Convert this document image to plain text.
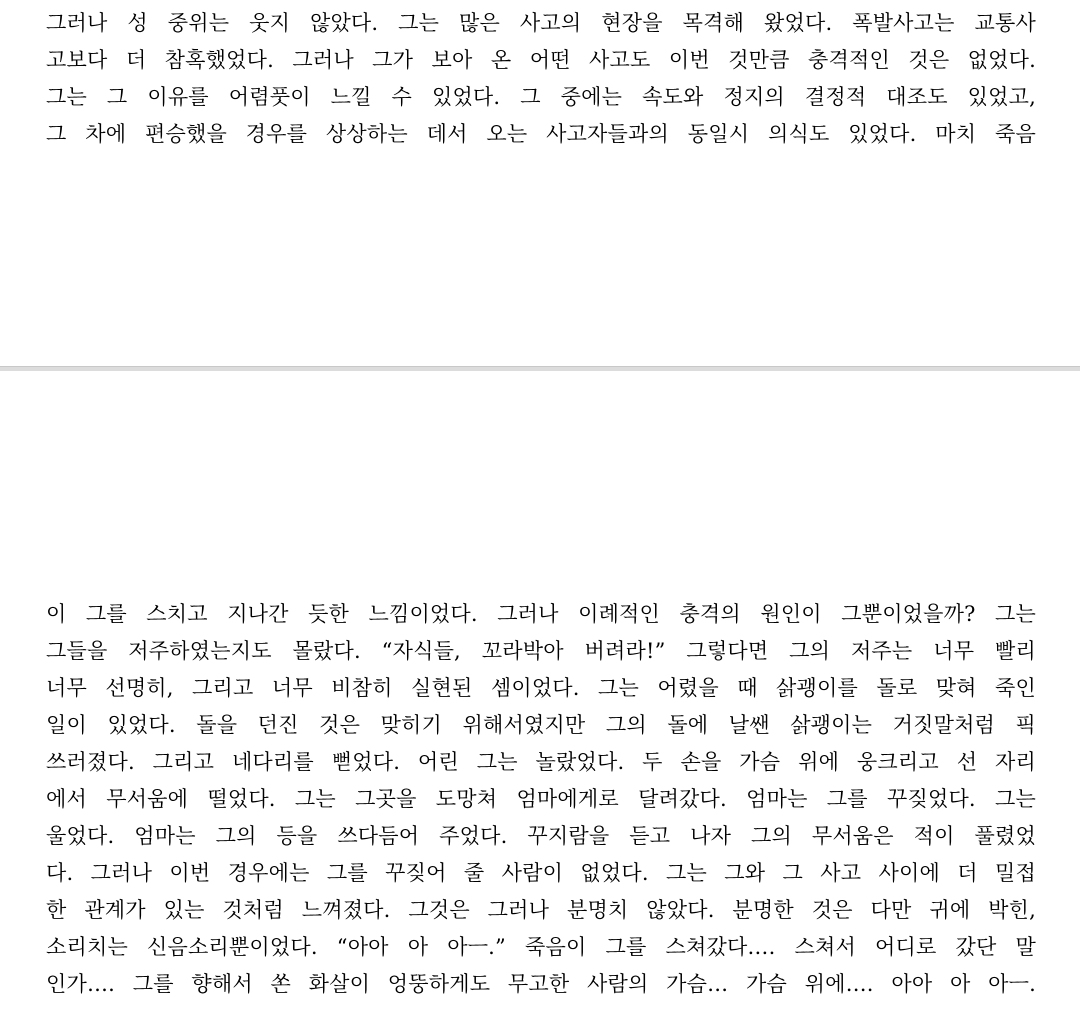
그러나 성 중위는 웃지 않았다. 그는 많은 사고의 현장을 목격해 왔었다. 폭발사고는 교통사
고보다 더 참혹했었다. 그러나 그가 보아 온 어떤 사고도 이번 것만큼 충격적인 것은 없었다.
그는 그 이유를 어렴풋이 느낄 수 있었다. 그 중에는 속도와 정지의 결정적 대조도 있었고,
그 차에 편승했을 경우를 상상하는 데서 오는 사고자들과의 동일시 의식도 있었다. 마치 죽음
이 그를 스치고 지나간 듯한 느낌이었다. 그러나 이례적인 충격의 원인이 그뿐이었을까? 그는
그들을 저주하였는지도 몰랐다. “자식들, 꼬라박아 버려라!” 그렇다면 그의 저주는 너무 빨리
너무 선명히, 그리고 너무 비참히 실현된 셈이었다. 그는 어렸을 때 삵괭이를 돌로 맞혀 죽인
일이 있었다. 돌을 던진 것은 맞히기 위해서였지만 그의 돌에 날쌘 삵괭이는 거짓말처럼 픽
쓰러졌다. 그리고 네다리를 뻗었다. 어린 그는 놀랐었다. 두 손을 가슴 위에 웅크리고 선 자리
에서 무서움에 떨었다. 그는 그곳을 도망쳐 엄마에게로 달려갔다. 엄마는 그를 꾸짖었다. 그는
울었다. 엄마는 그의 등을 쓰다듬어 주었다. 꾸지람을 듣고 나자 그의 무서움은 적이 풀렸었
다. 그러나 이번 경우에는 그를 꾸짖어 줄 사람이 없었다. 그는 그와 그 사고 사이에 더 밀접
한 관계가 있는 것처럼 느껴졌다. 그것은 그러나 분명치 않았다. 분명한 것은 다만 귀에 박힌,
소리치는 신음소리뿐이었다. “아아 아 아ㅡ.” 죽음이 그를 스쳐갔다…. 스쳐서 어디로 갔단 말
인가…. 그를 향해서 쏜 화살이 엉뚱하게도 무고한 사람의 가슴… 가슴 위에…. 아아 아 아ㅡ.
